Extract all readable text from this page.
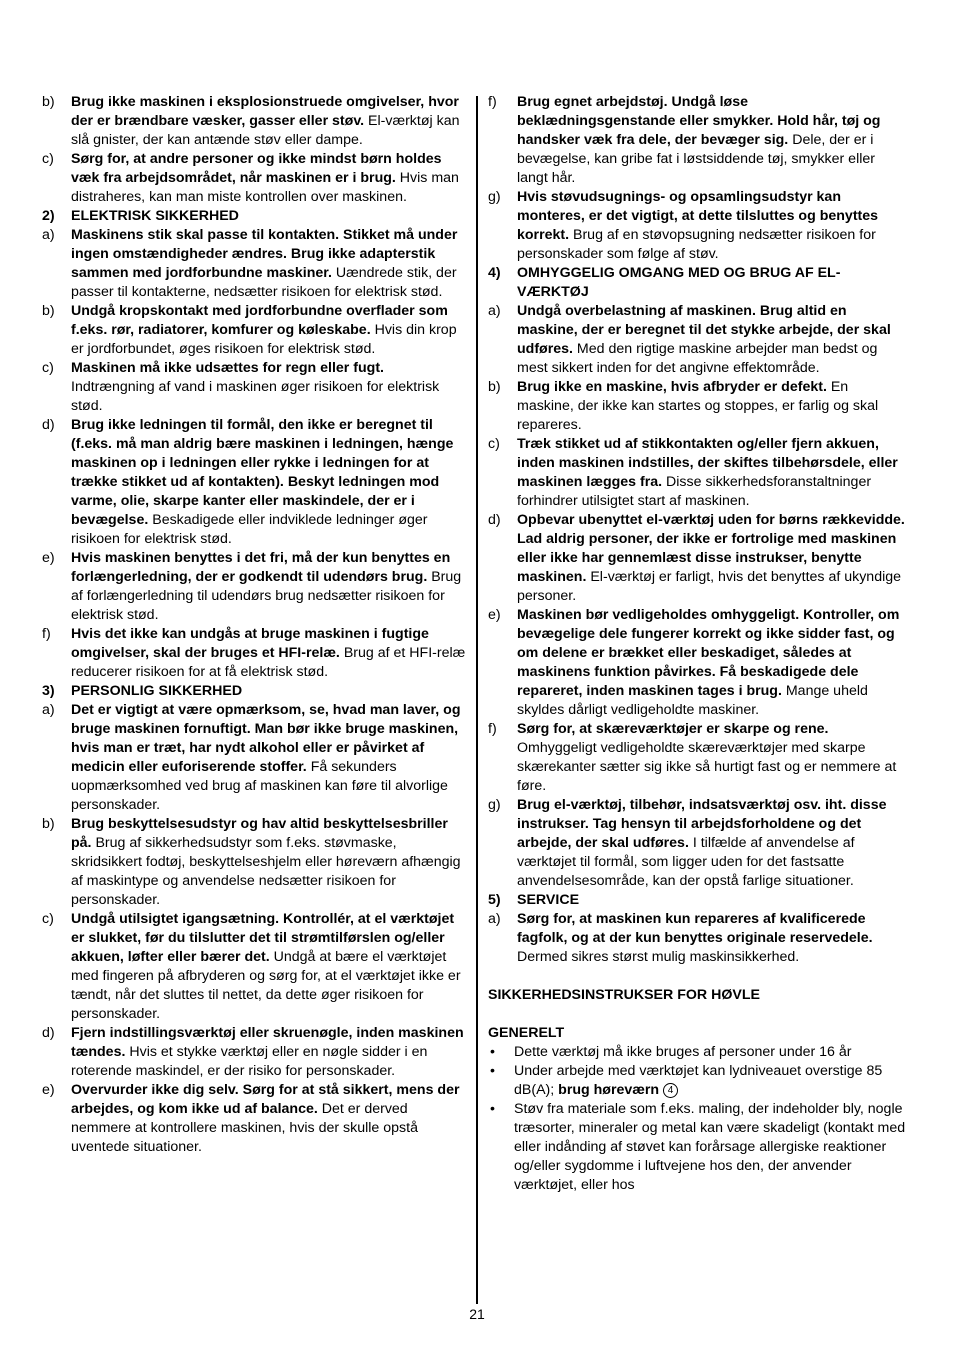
b) Brug ikke maskinen i eksplosionstruede omgivelser, hvor der er brændbare væsker, gasser eller støv. El-værktøj kan slå gnister, der kan antænde støv eller dampe.
c) Sørg for, at andre personer og ikke mindst børn holdes væk fra arbejdsområdet, når maskinen er i brug. Hvis man distraheres, kan man miste kontrollen over maskinen.
2) ELEKTRISK SIKKERHED
a) Maskinens stik skal passe til kontakten. Stikket må under ingen omstændigheder ændres. Brug ikke adapterstik sammen med jordforbundne maskiner. Uændrede stik, der passer til kontakterne, nedsætter risikoen for elektrisk stød.
b) Undgå kropskontakt med jordforbundne overflader som f.eks. rør, radiatorer, komfurer og køleskabe. Hvis din krop er jordforbundet, øges risikoen for elektrisk stød.
c) Maskinen må ikke udsættes for regn eller fugt. Indtrængning af vand i maskinen øger risikoen for elektrisk stød.
d) Brug ikke ledningen til formål, den ikke er beregnet til (f.eks. må man aldrig bære maskinen i ledningen, hænge maskinen op i ledningen eller rykke i ledningen for at trække stikket ud af kontakten). Beskyt ledningen mod varme, olie, skarpe kanter eller maskindele, der er i bevægelse. Beskadigede eller indviklede ledninger øger risikoen for elektrisk stød.
e) Hvis maskinen benyttes i det fri, må der kun benyttes en forlængerledning, der er godkendt til udendørs brug. Brug af forlængerledning til udendørs brug nedsætter risikoen for elektrisk stød.
f) Hvis det ikke kan undgås at bruge maskinen i fugtige omgivelser, skal der bruges et HFI-relæ. Brug af et HFI-relæ reducerer risikoen for at få elektrisk stød.
3) PERSONLIG SIKKERHED
a) Det er vigtigt at være opmærksom, se, hvad man laver, og bruge maskinen fornuftigt. Man bør ikke bruge maskinen, hvis man er træt, har nydt alkohol eller er påvirket af medicin eller euforiserende stoffer. Få sekunders uopmærksomhed ved brug af maskinen kan føre til alvorlige personskader.
b) Brug beskyttelsesudstyr og hav altid beskyttelsesbriller på. Brug af sikkerhedsudstyr som f.eks. støvmaske, skridsikkert fodtøj, beskyttelseshjelm eller høreværn afhængig af maskintype og anvendelse nedsætter risikoen for personskader.
c) Undgå utilsigtet igangsætning. Kontrollér, at el værktøjet er slukket, før du tilslutter det til strømtilførslen og/eller akkuen, løfter eller bærer det. Undgå at bære el værktøjet med fingeren på afbryderen og sørg for, at el værktøjet ikke er tændt, når det sluttes til nettet, da dette øger risikoen for personskader.
d) Fjern indstillingsværktøj eller skruenøgle, inden maskinen tændes. Hvis et stykke værktøj eller en nøgle sidder i en roterende maskindel, er der risiko for personskader.
e) Overvurder ikke dig selv. Sørg for at stå sikkert, mens der arbejdes, og kom ikke ud af balance. Det er derved nemmere at kontrollere maskinen, hvis der skulle opstå uventede situationer.
f) Brug egnet arbejdstøj. Undgå løse beklædningsgenstande eller smykker. Hold hår, tøj og handsker væk fra dele, der bevæger sig. Dele, der er i bevægelse, kan gribe fat i løstsiddende tøj, smykker eller langt hår.
g) Hvis støvudsugnings- og opsamlingsudstyr kan monteres, er det vigtigt, at dette tilsluttes og benyttes korrekt. Brug af en støvopsugning nedsætter risikoen for personskader som følge af støv.
4) OMHYGGELIG OMGANG MED OG BRUG AF EL-VÆRKTØJ
a) Undgå overbelastning af maskinen. Brug altid en maskine, der er beregnet til det stykke arbejde, der skal udføres. Med den rigtige maskine arbejder man bedst og mest sikkert inden for det angivne effektområde.
b) Brug ikke en maskine, hvis afbryder er defekt. En maskine, der ikke kan startes og stoppes, er farlig og skal repareres.
c) Træk stikket ud af stikkontakten og/eller fjern akkuen, inden maskinen indstilles, der skiftes tilbehørsdele, eller maskinen lægges fra. Disse sikkerhedsforanstaltninger forhindrer utilsigtet start af maskinen.
d) Opbevar ubenyttet el-værktøj uden for børns rækkevidde. Lad aldrig personer, der ikke er fortrolige med maskinen eller ikke har gennemlæst disse instrukser, benytte maskinen. El-værktøj er farligt, hvis det benyttes af ukyndige personer.
e) Maskinen bør vedligeholdes omhyggeligt. Kontroller, om bevægelige dele fungerer korrekt og ikke sidder fast, og om delene er brækket eller beskadiget, således at maskinens funktion påvirkes. Få beskadigede dele repareret, inden maskinen tages i brug. Mange uheld skyldes dårligt vedligeholdte maskiner.
f) Sørg for, at skæreværktøjer er skarpe og rene. Omhyggeligt vedligeholdte skæreværktøjer med skarpe skærekanter sætter sig ikke så hurtigt fast og er nemmere at føre.
g) Brug el-værktøj, tilbehør, indsatsværktøj osv. iht. disse instrukser. Tag hensyn til arbejdsforholdene og det arbejde, der skal udføres. I tilfælde af anvendelse af værktøjet til formål, som ligger uden for det fastsatte anvendelsesområde, kan der opstå farlige situationer.
5) SERVICE
a) Sørg for, at maskinen kun repareres af kvalificerede fagfolk, og at der kun benyttes originale reservedele. Dermed sikres størst mulig maskinsikkerhed.
SIKKERHEDSINSTRUKSER FOR HØVLE
GENERELT
• Dette værktøj må ikke bruges af personer under 16 år
• Under arbejde med værktøjet kan lydniveauet overstige 85 dB(A); brug høreværn 4
• Støv fra materiale som f.eks. maling, der indeholder bly, nogle træsorter, mineraler og metal kan være skadeligt (kontakt med eller indånding af støvet kan forårsage allergiske reaktioner og/eller sygdomme i luftvejene hos den, der anvender værktøjet, eller hos
21
